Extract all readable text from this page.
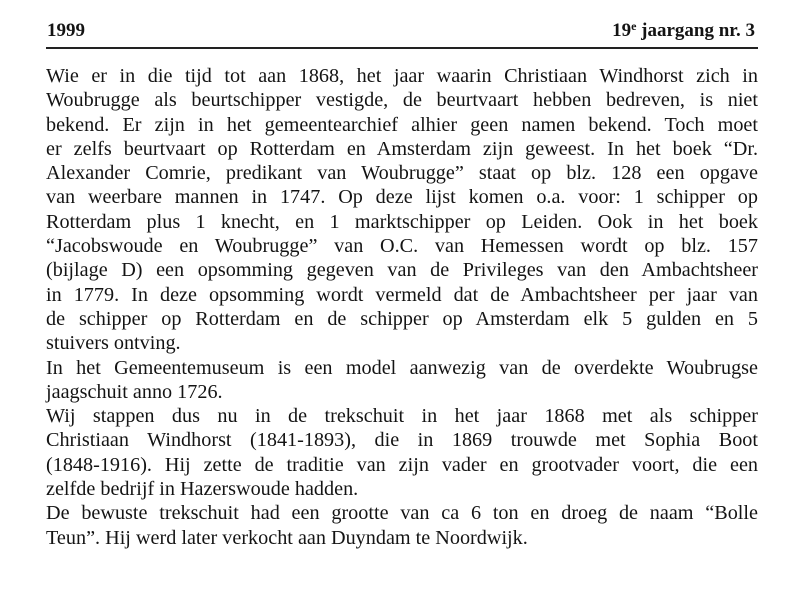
1999	19e jaargang nr. 3

Wie er in die tijd tot aan 1868, het jaar waarin Christiaan Windhorst zich in
Woubrugge als beurtschipper vestigde, de beurtvaart hebben bedreven, is niet
bekend. Er zijn in het gemeentearchief alhier geen namen bekend. Toch moet
er zelfs beurtvaart op Rotterdam en Amsterdam zijn geweest. In het boek “Dr.
Alexander Comrie, predikant van Woubrugge” staat op blz. 128 een opgave
van weerbare mannen in 1747. Op deze lijst komen o.a. voor: 1 schipper op
Rotterdam plus 1 knecht, en 1 marktschipper op Leiden. Ook in het boek
“Jacobswoude en Woubrugge” van O.C. van Hemessen wordt op blz. 157
(bijlage D) een opsomming gegeven van de Privileges van den Ambachtsheer
in 1779. In deze opsomming wordt vermeld dat de Ambachtsheer per jaar van
de schipper op Rotterdam en de schipper op Amsterdam elk 5 gulden en 5
stuivers ontving.

In het Gemeentemuseum is een model aanwezig van de overdekte Woubrugse
jaagschuit anno 1726.

Wij stappen dus nu in de trekschuit in het jaar 1868 met als schipper
Christiaan Windhorst (1841-1893), die in 1869 trouwde met Sophia Boot
(1848-1916). Hij zette de traditie van zijn vader en grootvader voort, die een
zelfde bedrijf in Hazerswoude hadden.

De bewuste trekschuit had een grootte van ca 6 ton en droeg de naam “Bolle
Teun”. Hij werd later verkocht aan Duyndam te Noordwijk.
